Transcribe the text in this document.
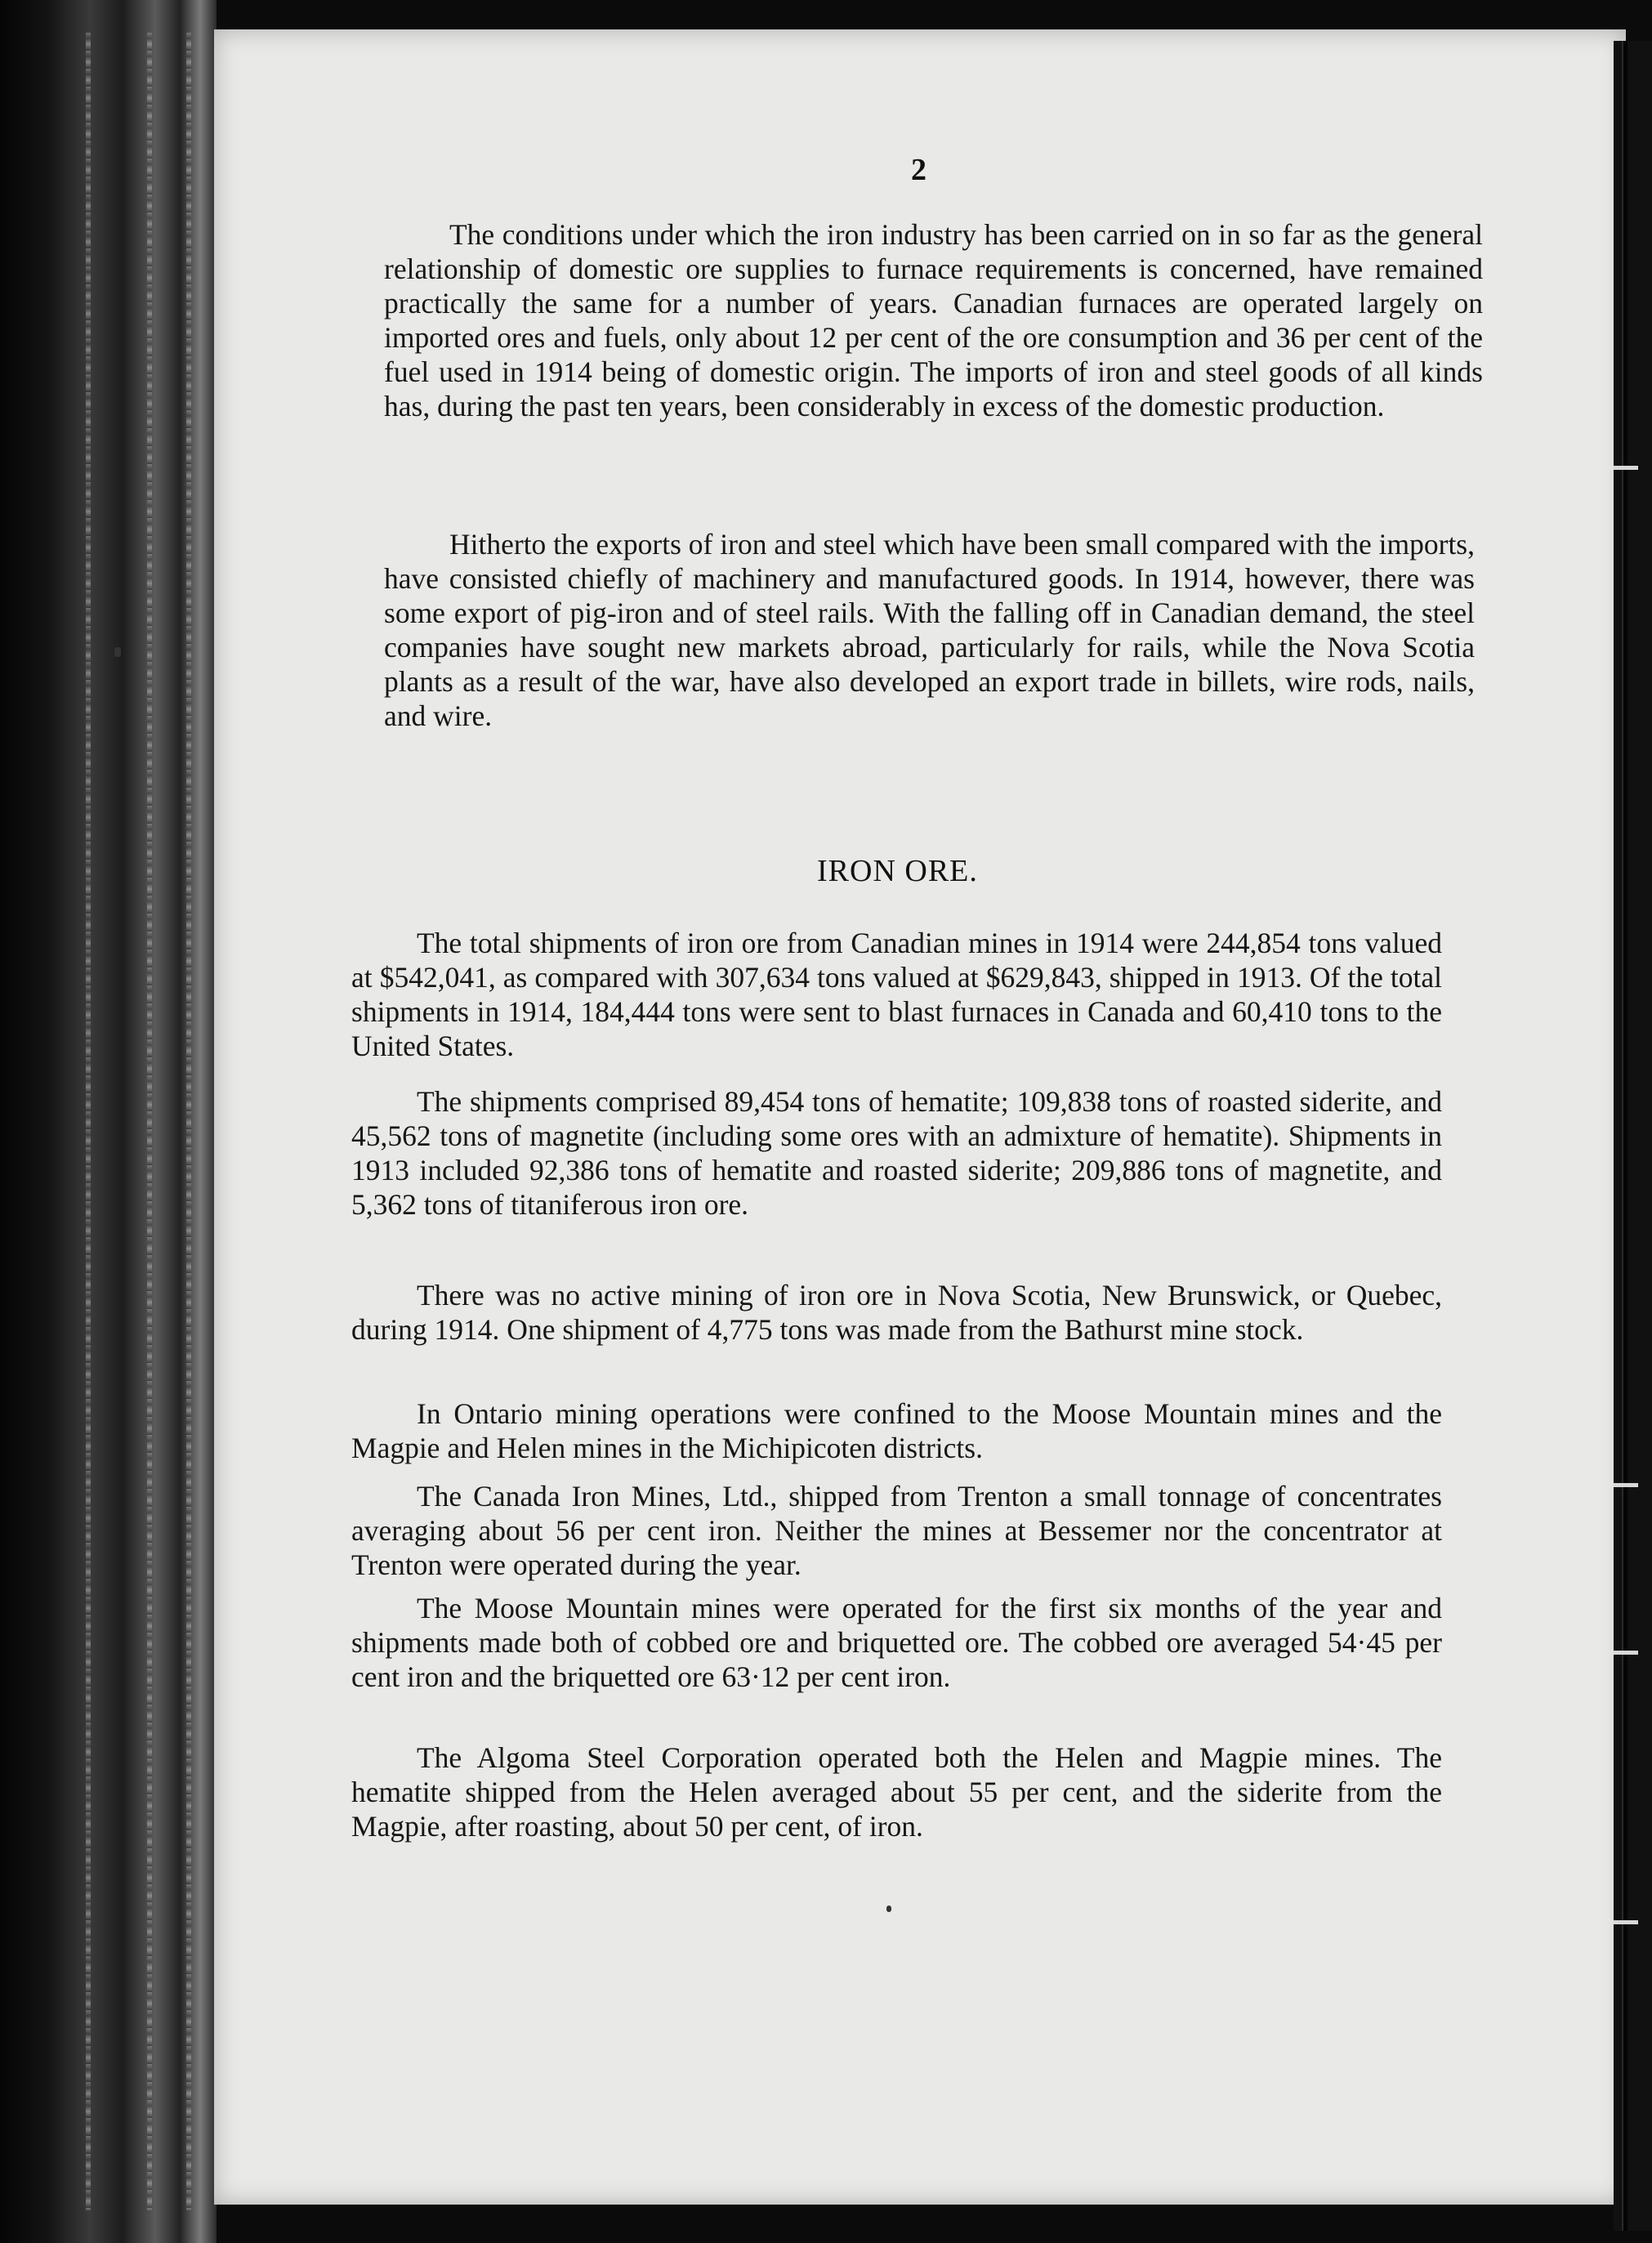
2

The conditions under which the iron industry has been carried on in so far as the general relationship of domestic ore supplies to furnace requirements is concerned, have remained practically the same for a number of years. Canadian furnaces are operated largely on imported ores and fuels, only about 12 per cent of the ore consumption and 36 per cent of the fuel used in 1914 being of domestic origin. The imports of iron and steel goods of all kinds has, during the past ten years, been considerably in excess of the domestic production.

Hitherto the exports of iron and steel which have been small compared with the imports, have consisted chiefly of machinery and manufactured goods. In 1914, however, there was some export of pig-iron and of steel rails. With the falling off in Canadian demand, the steel companies have sought new markets abroad, particularly for rails, while the Nova Scotia plants as a result of the war, have also developed an export trade in billets, wire rods, nails, and wire.

IRON ORE.

The total shipments of iron ore from Canadian mines in 1914 were 244,854 tons valued at $542,041, as compared with 307,634 tons valued at $629,843, shipped in 1913. Of the total shipments in 1914, 184,444 tons were sent to blast furnaces in Canada and 60,410 tons to the United States.

The shipments comprised 89,454 tons of hematite; 109,838 tons of roasted siderite, and 45,562 tons of magnetite (including some ores with an admixture of hematite). Shipments in 1913 included 92,386 tons of hematite and roasted siderite; 209,886 tons of magnetite, and 5,362 tons of titaniferous iron ore.

There was no active mining of iron ore in Nova Scotia, New Brunswick, or Quebec, during 1914. One shipment of 4,775 tons was made from the Bathurst mine stock.

In Ontario mining operations were confined to the Moose Mountain mines and the Magpie and Helen mines in the Michipicoten districts.

The Canada Iron Mines, Ltd., shipped from Trenton a small tonnage of concentrates averaging about 56 per cent iron. Neither the mines at Bessemer nor the concentrator at Trenton were operated during the year.

The Moose Mountain mines were operated for the first six months of the year and shipments made both of cobbed ore and briquetted ore. The cobbed ore averaged 54·45 per cent iron and the briquetted ore 63·12 per cent iron.

The Algoma Steel Corporation operated both the Helen and Magpie mines. The hematite shipped from the Helen averaged about 55 per cent, and the siderite from the Magpie, after roasting, about 50 per cent, of iron.
